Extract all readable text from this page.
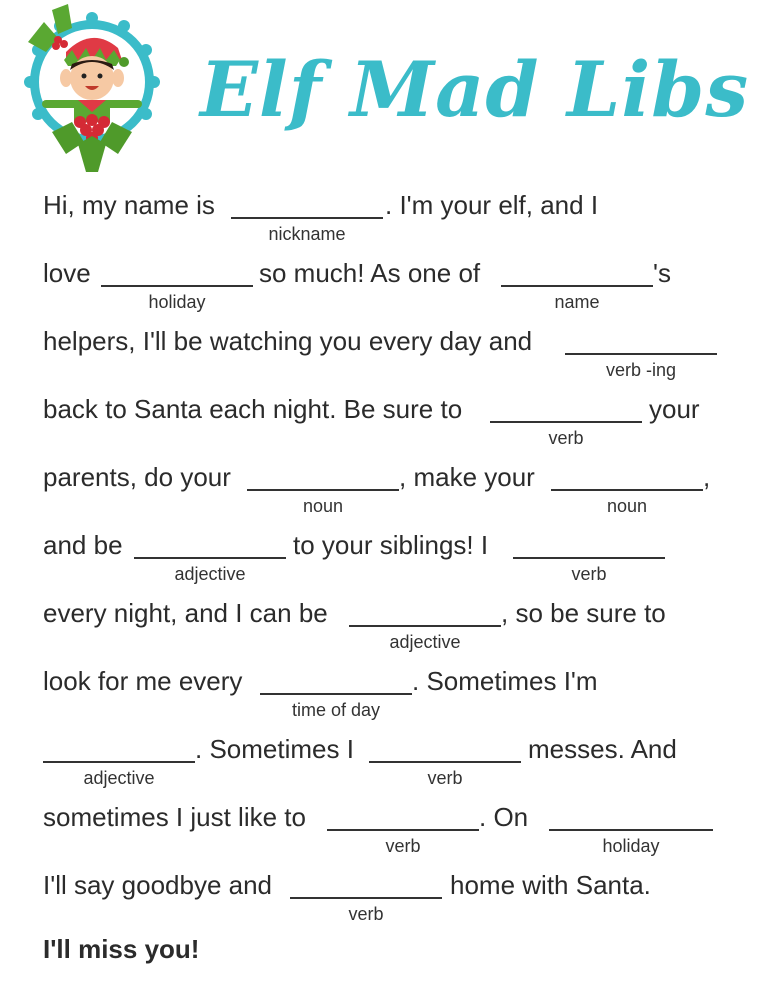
Elf Mad Libs
Hi, my name is
nickname
. I'm your elf, and I
love
holiday
so much! As one of
name
's
helpers, I'll be watching you every day and
verb -ing
back to Santa each night. Be sure to
verb
your
parents, do your
noun
, make your
noun
,
and be
adjective
to your siblings! I
verb
every night, and I can be
adjective
, so be sure to
look for me every
time of day
. Sometimes I'm
adjective
. Sometimes I
verb
messes. And
sometimes I just like to
verb
. On
holiday
I'll say goodbye and
verb
home with Santa.
I'll miss you!
